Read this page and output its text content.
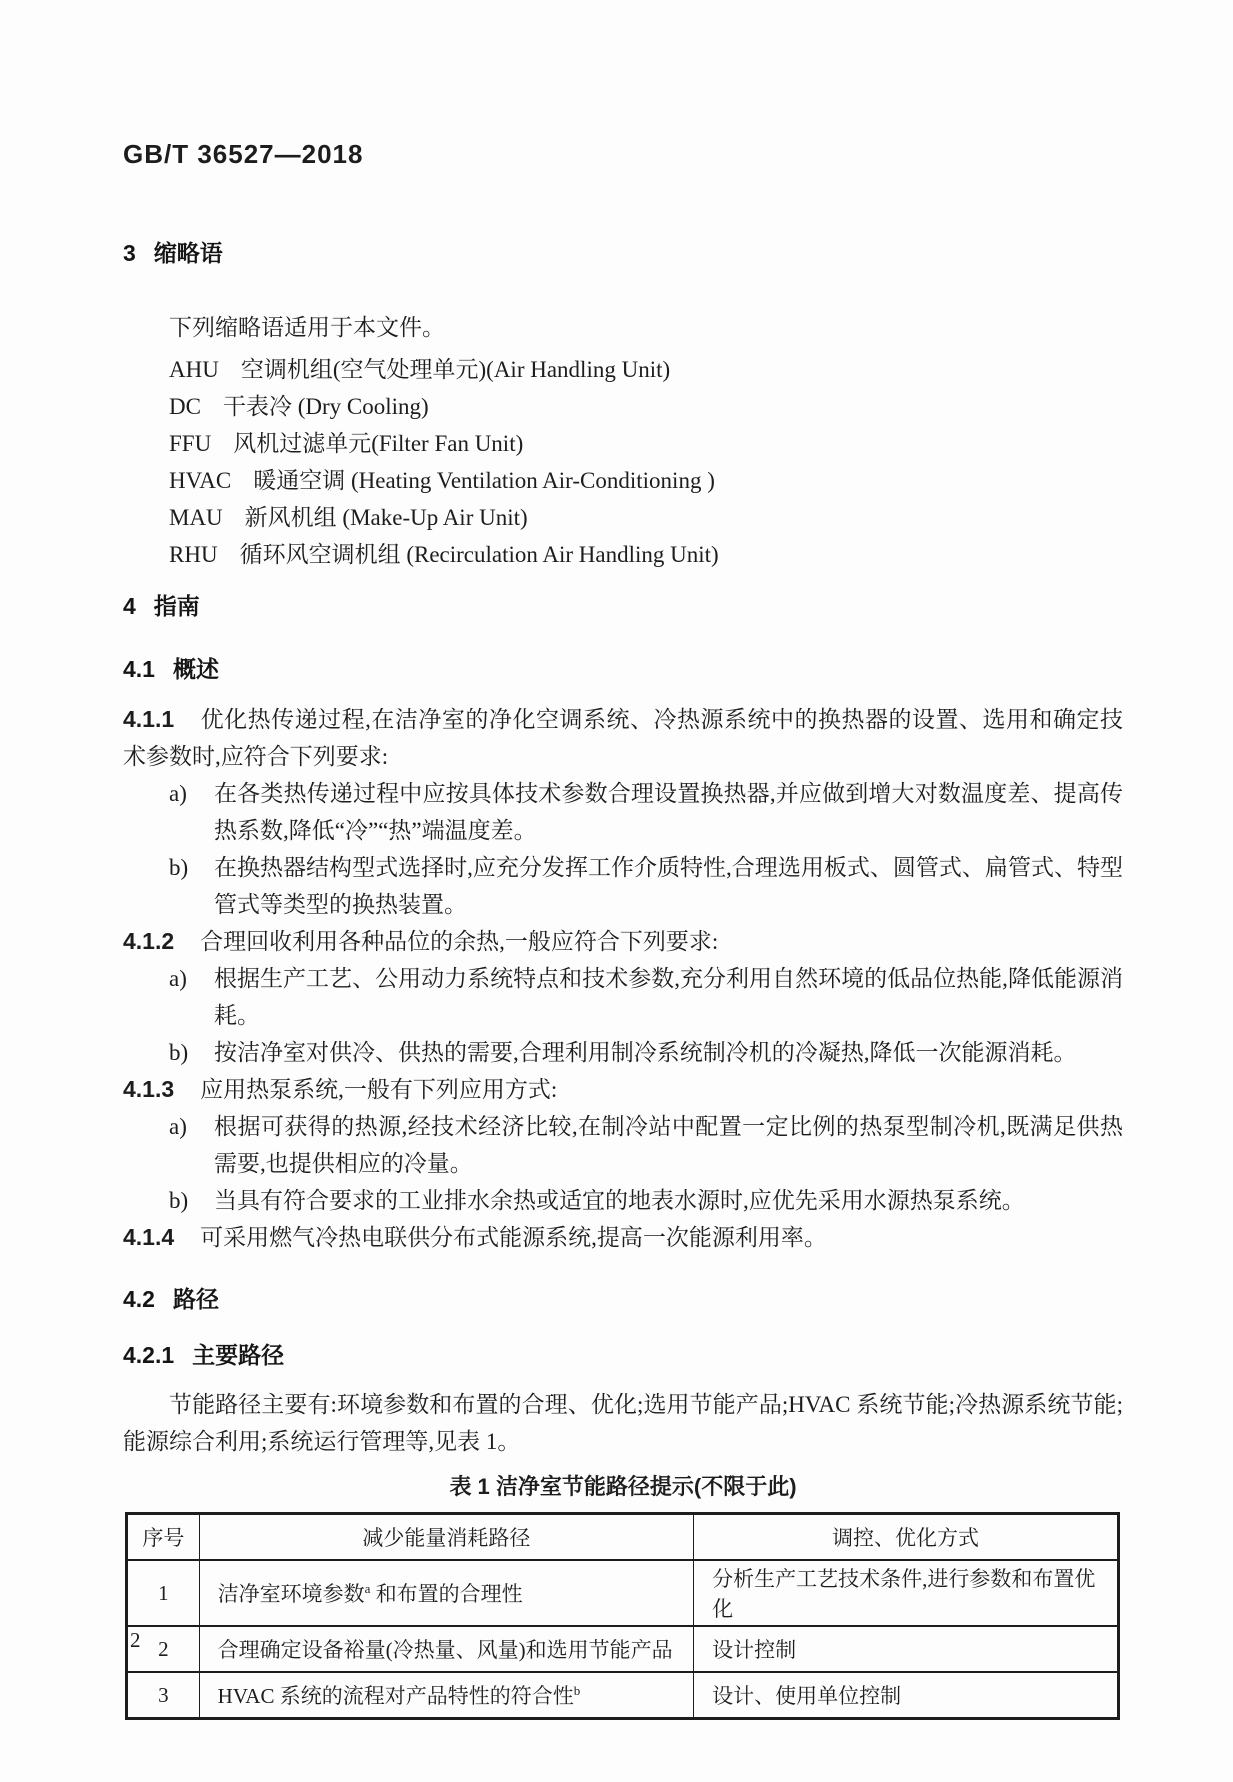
GB/T 36527—2018
3 缩略语

下列缩略语适用于本文件。

AHU 空调机组(空气处理单元)(Air Handling Unit)
DC 干表冷 (Dry Cooling)
FFU 风机过滤单元(Filter Fan Unit)
HVAC 暖通空调 (Heating Ventilation Air-Conditioning )
MAU 新风机组 (Make-Up Air Unit)
RHU 循环风空调机组 (Recirculation Air Handling Unit)
4 指南
4.1 概述

4.1.1 优化热传递过程,在洁净室的净化空调系统、冷热源系统中的换热器的设置、选用和确定技术参数时,应符合下列要求:

a)	在各类热传递过程中应按具体技术参数合理设置换热器,并应做到增大对数温度差、提高传热系数,降低“冷”“热”端温度差。
b)	在换热器结构型式选择时,应充分发挥工作介质特性,合理选用板式、圆管式、扁管式、特型管式等类型的换热装置。

4.1.2 合理回收利用各种品位的余热,一般应符合下列要求:

a)	根据生产工艺、公用动力系统特点和技术参数,充分利用自然环境的低品位热能,降低能源消耗。
b)	按洁净室对供冷、供热的需要,合理利用制冷系统制冷机的冷凝热,降低一次能源消耗。

4.1.3 应用热泵系统,一般有下列应用方式:

a)	根据可获得的热源,经技术经济比较,在制冷站中配置一定比例的热泵型制冷机,既满足供热需要,也提供相应的冷量。
b)	当具有符合要求的工业排水余热或适宜的地表水源时,应优先采用水源热泵系统。

4.1.4 可采用燃气冷热电联供分布式能源系统,提高一次能源利用率。

4.2 路径
4.2.1 主要路径

节能路径主要有:环境参数和布置的合理、优化;选用节能产品;HVAC 系统节能;冷热源系统节能;能源综合利用;系统运行管理等,见表 1。

表 1 洁净室节能路径提示(不限于此)
序号	减少能量消耗路径	调控、优化方式
1	洁净室环境参数$^a$ 和布置的合理性	分析生产工艺技术条件,进行参数和布置优化
2	合理确定设备裕量(冷热量、风量)和选用节能产品	设计控制
3	HVAC 系统的流程对产品特性的符合性$^b$	设计、使用单位控制
2
